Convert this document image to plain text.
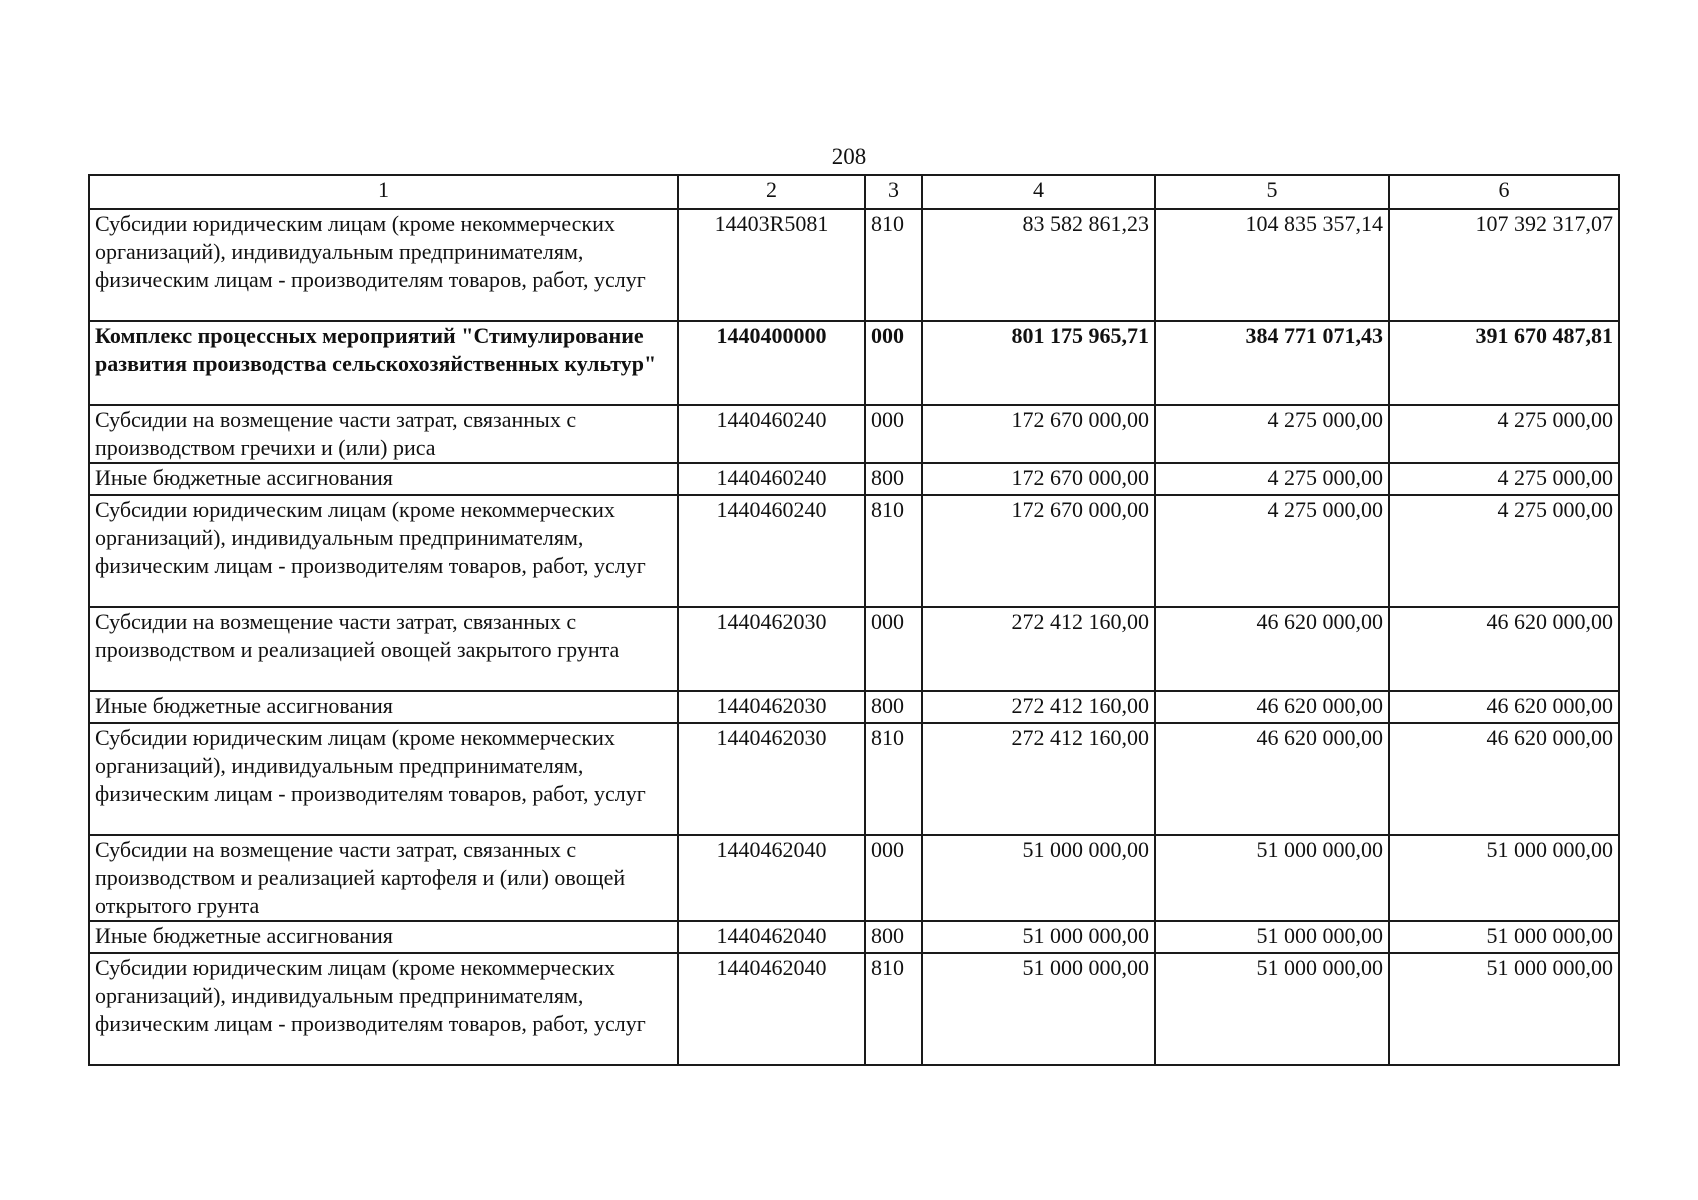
208
1	2	3	4	5	6
Субсидии юридическим лицам (кроме некоммерческих организаций), индивидуальным предпринимателям, физическим лицам - производителям товаров, работ, услуг	14403R5081	810	83 582 861,23	104 835 357,14	107 392 317,07
Комплекс процессных мероприятий "Стимулирование развития производства сельскохозяйственных культур"	1440400000	000	801 175 965,71	384 771 071,43	391 670 487,81
Субсидии на возмещение части затрат, связанных с производством гречихи и (или) риса	1440460240	000	172 670 000,00	4 275 000,00	4 275 000,00
Иные бюджетные ассигнования	1440460240	800	172 670 000,00	4 275 000,00	4 275 000,00
Субсидии юридическим лицам (кроме некоммерческих организаций), индивидуальным предпринимателям, физическим лицам - производителям товаров, работ, услуг	1440460240	810	172 670 000,00	4 275 000,00	4 275 000,00
Субсидии на возмещение части затрат, связанных с производством и реализацией овощей закрытого грунта	1440462030	000	272 412 160,00	46 620 000,00	46 620 000,00
Иные бюджетные ассигнования	1440462030	800	272 412 160,00	46 620 000,00	46 620 000,00
Субсидии юридическим лицам (кроме некоммерческих организаций), индивидуальным предпринимателям, физическим лицам - производителям товаров, работ, услуг	1440462030	810	272 412 160,00	46 620 000,00	46 620 000,00
Субсидии на возмещение части затрат, связанных с производством и реализацией картофеля и (или) овощей открытого грунта	1440462040	000	51 000 000,00	51 000 000,00	51 000 000,00
Иные бюджетные ассигнования	1440462040	800	51 000 000,00	51 000 000,00	51 000 000,00
Субсидии юридическим лицам (кроме некоммерческих организаций), индивидуальным предпринимателям, физическим лицам - производителям товаров, работ, услуг	1440462040	810	51 000 000,00	51 000 000,00	51 000 000,00
